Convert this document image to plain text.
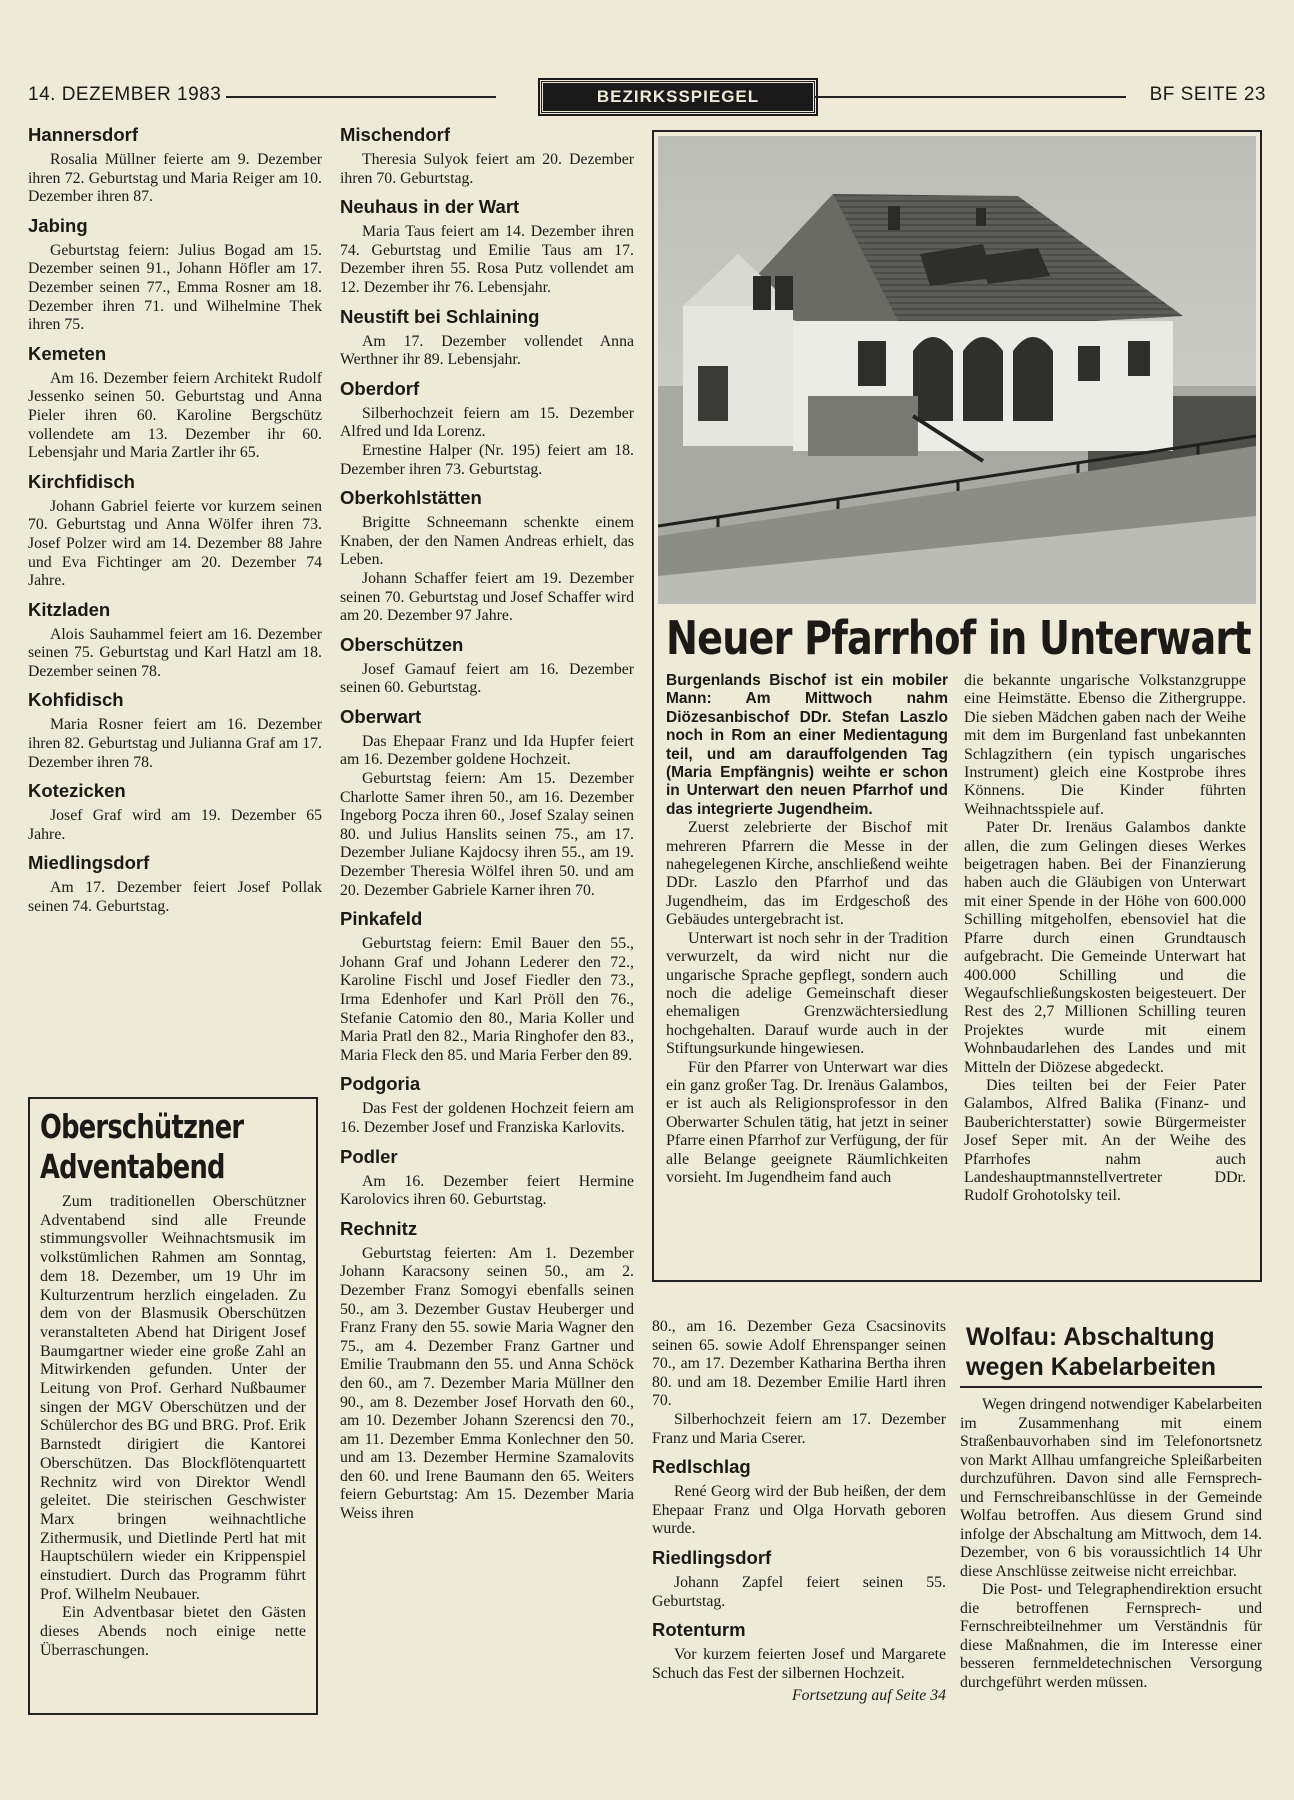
14. DEZEMBER 1983	BEZIRKSSPIEGEL	BF SEITE 23
Hannersdorf

Rosalia Müllner feierte am 9. Dezember ihren 72. Geburtstag und Maria Reiger am 10. Dezember ihren 87.

Jabing

Geburtstag feiern: Julius Bogad am 15. Dezember seinen 91., Johann Höfler am 17. Dezember seinen 77., Emma Rosner am 18. Dezember ihren 71. und Wilhelmine Thek ihren 75.

Kemeten

Am 16. Dezember feiern Architekt Rudolf Jessenko seinen 50. Geburtstag und Anna Pieler ihren 60. Karoline Bergschütz vollendete am 13. Dezember ihr 60. Lebensjahr und Maria Zartler ihr 65.

Kirchfidisch

Johann Gabriel feierte vor kurzem seinen 70. Geburtstag und Anna Wölfer ihren 73. Josef Polzer wird am 14. Dezember 88 Jahre und Eva Fichtinger am 20. Dezember 74 Jahre.

Kitzladen

Alois Sauhammel feiert am 16. Dezember seinen 75. Geburtstag und Karl Hatzl am 18. Dezember seinen 78.

Kohfidisch

Maria Rosner feiert am 16. Dezember ihren 82. Geburtstag und Julianna Graf am 17. Dezember ihren 78.

Kotezicken

Josef Graf wird am 19. Dezember 65 Jahre.

Miedlingsdorf

Am 17. Dezember feiert Josef Pollak seinen 74. Geburtstag.

Oberschützner
Adventabend

Zum traditionellen Oberschützner Adventabend sind alle Freunde stimmungsvoller Weihnachtsmusik im volkstümlichen Rahmen am Sonntag, dem 18. Dezember, um 19 Uhr im Kulturzentrum herzlich eingeladen. Zu dem von der Blasmusik Oberschützen veranstalteten Abend hat Dirigent Josef Baumgartner wieder eine große Zahl an Mitwirkenden gefunden. Unter der Leitung von Prof. Gerhard Nußbaumer singen der MGV Oberschützen und der Schülerchor des BG und BRG. Prof. Erik Barnstedt dirigiert die Kantorei Oberschützen. Das Blockflötenquartett Rechnitz wird von Direktor Wendl geleitet. Die steirischen Geschwister Marx bringen weihnachtliche Zithermusik, und Dietlinde Pertl hat mit Hauptschülern wieder ein Krippenspiel einstudiert. Durch das Programm führt Prof. Wilhelm Neubauer.

Ein Adventbasar bietet den Gästen dieses Abends noch einige nette Überraschungen.

Mischendorf

Theresia Sulyok feiert am 20. Dezember ihren 70. Geburtstag.

Neuhaus in der Wart

Maria Taus feiert am 14. Dezember ihren 74. Geburtstag und Emilie Taus am 17. Dezember ihren 55. Rosa Putz vollendet am 12. Dezember ihr 76. Lebensjahr.

Neustift bei Schlaining

Am 17. Dezember vollendet Anna Werthner ihr 89. Lebensjahr.

Oberdorf

Silberhochzeit feiern am 15. Dezember Alfred und Ida Lorenz.

Ernestine Halper (Nr. 195) feiert am 18. Dezember ihren 73. Geburtstag.

Oberkohlstätten

Brigitte Schneemann schenkte einem Knaben, der den Namen Andreas erhielt, das Leben.

Johann Schaffer feiert am 19. Dezember seinen 70. Geburtstag und Josef Schaffer wird am 20. Dezember 97 Jahre.

Oberschützen

Josef Gamauf feiert am 16. Dezember seinen 60. Geburtstag.

Oberwart

Das Ehepaar Franz und Ida Hupfer feiert am 16. Dezember goldene Hochzeit.

Geburtstag feiern: Am 15. Dezember Charlotte Samer ihren 50., am 16. Dezember Ingeborg Pocza ihren 60., Josef Szalay seinen 80. und Julius Hanslits seinen 75., am 17. Dezember Juliane Kajdocsy ihren 55., am 19. Dezember Theresia Wölfel ihren 50. und am 20. Dezember Gabriele Karner ihren 70.

Pinkafeld

Geburtstag feiern: Emil Bauer den 55., Johann Graf und Johann Lederer den 72., Karoline Fischl und Josef Fiedler den 73., Irma Edenhofer und Karl Pröll den 76., Stefanie Catomio den 80., Maria Koller und Maria Pratl den 82., Maria Ringhofer den 83., Maria Fleck den 85. und Maria Ferber den 89.

Podgoria

Das Fest der goldenen Hochzeit feiern am 16. Dezember Josef und Franziska Karlovits.

Podler

Am 16. Dezember feiert Hermine Karolovics ihren 60. Geburtstag.

Rechnitz

Geburtstag feierten: Am 1. Dezember Johann Karacsony seinen 50., am 2. Dezember Franz Somogyi ebenfalls seinen 50., am 3. Dezember Gustav Heuberger und Franz Frany den 55. sowie Maria Wagner den 75., am 4. Dezember Franz Gartner und Emilie Traubmann den 55. und Anna Schöck den 60., am 7. Dezember Maria Müllner den 90., am 8. Dezember Josef Horvath den 60., am 10. Dezember Johann Szerencsi den 70., am 11. Dezember Emma Konlechner den 50. und am 13. Dezember Hermine Szamalovits den 60. und Irene Baumann den 65. Weiters feiern Geburtstag: Am 15. Dezember Maria Weiss ihren

Neuer Pfarrhof in Unterwart

Burgenlands Bischof ist ein mobiler Mann: Am Mittwoch nahm Diözesanbischof DDr. Stefan Laszlo noch in Rom an einer Medientagung teil, und am darauffolgenden Tag (Maria Empfängnis) weihte er schon in Unterwart den neuen Pfarrhof und das integrierte Jugendheim.

Zuerst zelebrierte der Bischof mit mehreren Pfarrern die Messe in der nahegelegenen Kirche, anschließend weihte DDr. Laszlo den Pfarrhof und das Jugendheim, das im Erdgeschoß des Gebäudes untergebracht ist.

Unterwart ist noch sehr in der Tradition verwurzelt, da wird nicht nur die ungarische Sprache gepflegt, sondern auch noch die adelige Gemeinschaft dieser ehemaligen Grenzwächtersiedlung hochgehalten. Darauf wurde auch in der Stiftungsurkunde hingewiesen.

Für den Pfarrer von Unterwart war dies ein ganz großer Tag. Dr. Irenäus Galambos, er ist auch als Religionsprofessor in den Oberwarter Schulen tätig, hat jetzt in seiner Pfarre einen Pfarrhof zur Verfügung, der für alle Belange geeignete Räumlichkeiten vorsieht. Im Jugendheim fand auch

die bekannte ungarische Volkstanzgruppe eine Heimstätte. Ebenso die Zithergruppe. Die sieben Mädchen gaben nach der Weihe mit dem im Burgenland fast unbekannten Schlagzithern (ein typisch ungarisches Instrument) gleich eine Kostprobe ihres Könnens. Die Kinder führten Weihnachtsspiele auf.

Pater Dr. Irenäus Galambos dankte allen, die zum Gelingen dieses Werkes beigetragen haben. Bei der Finanzierung haben auch die Gläubigen von Unterwart mit einer Spende in der Höhe von 600.000 Schilling mitgeholfen, ebensoviel hat die Pfarre durch einen Grundtausch aufgebracht. Die Gemeinde Unterwart hat 400.000 Schilling und die Wegaufschließungskosten beigesteuert. Der Rest des 2,7 Millionen Schilling teuren Projektes wurde mit einem Wohnbaudarlehen des Landes und mit Mitteln der Diözese abgedeckt.

Dies teilten bei der Feier Pater Galambos, Alfred Balika (Finanz- und Bauberichterstatter) sowie Bürgermeister Josef Seper mit. An der Weihe des Pfarrhofes nahm auch Landeshauptmannstellvertreter DDr. Rudolf Grohotolsky teil.

80., am 16. Dezember Geza Csacsinovits seinen 65. sowie Adolf Ehrenspanger seinen 70., am 17. Dezember Katharina Bertha ihren 80. und am 18. Dezember Emilie Hartl ihren 70.

Silberhochzeit feiern am 17. Dezember Franz und Maria Cserer.

Redlschlag

René Georg wird der Bub heißen, der dem Ehepaar Franz und Olga Horvath geboren wurde.

Riedlingsdorf

Johann Zapfel feiert seinen 55. Geburtstag.

Rotenturm

Vor kurzem feierten Josef und Margarete Schuch das Fest der silbernen Hochzeit.

Fortsetzung auf Seite 34

Wolfau: Abschaltung wegen Kabelarbeiten

Wegen dringend notwendiger Kabelarbeiten im Zusammenhang mit einem Straßenbauvorhaben sind im Telefonortsnetz von Markt Allhau umfangreiche Spleißarbeiten durchzuführen. Davon sind alle Fernsprech- und Fernschreibanschlüsse in der Gemeinde Wolfau betroffen. Aus diesem Grund sind infolge der Abschaltung am Mittwoch, dem 14. Dezember, von 6 bis voraussichtlich 14 Uhr diese Anschlüsse zeitweise nicht erreichbar.

Die Post- und Telegraphendirektion ersucht die betroffenen Fernsprech- und Fernschreibteilnehmer um Verständnis für diese Maßnahmen, die im Interesse einer besseren fernmeldetechnischen Versorgung durchgeführt werden müssen.
